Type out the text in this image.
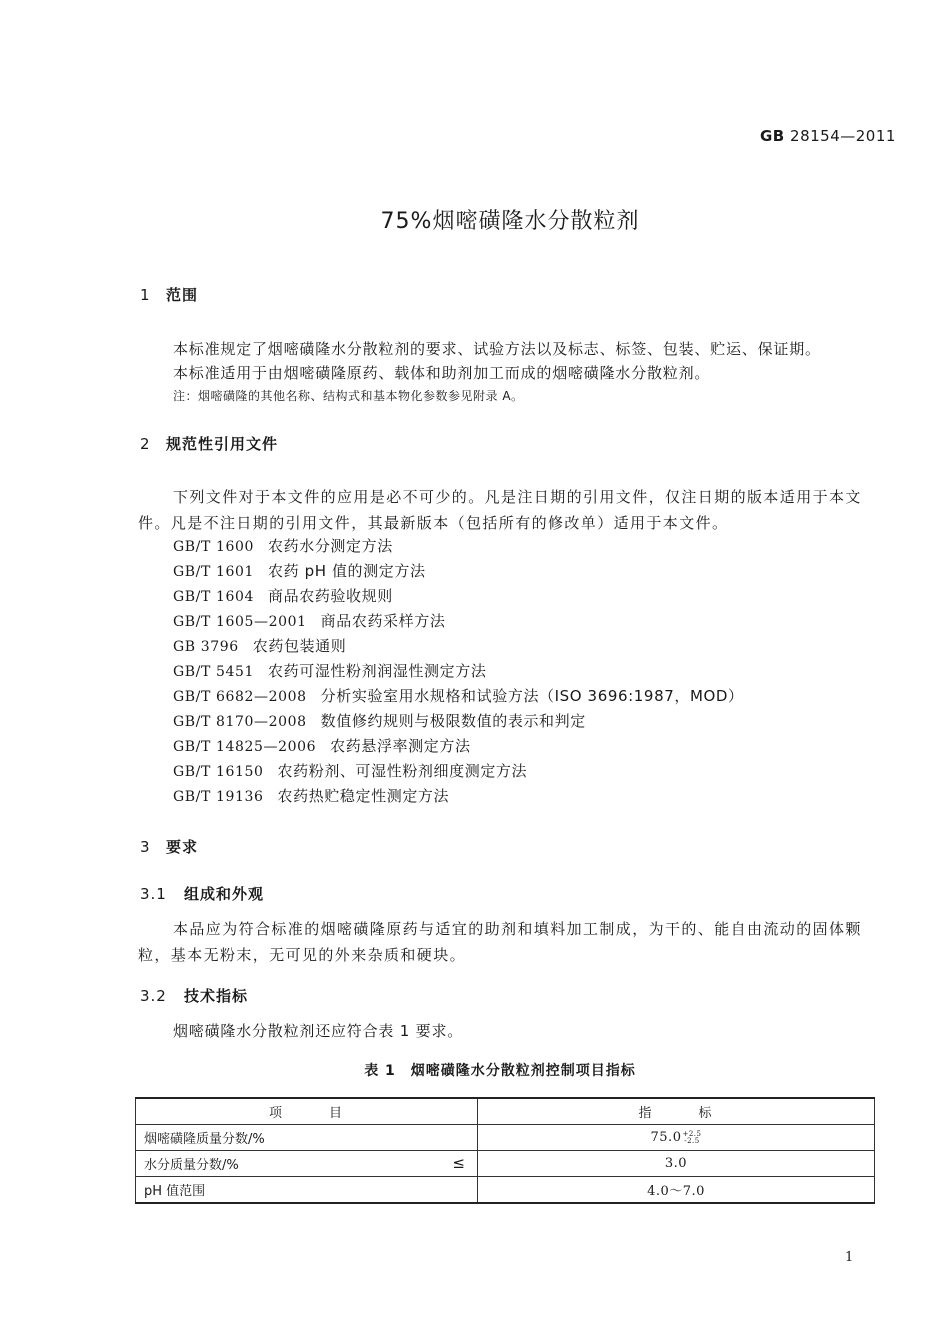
GB 28154—2011
75%烟嘧磺隆水分散粒剂
1 范围
本标准规定了烟嘧磺隆水分散粒剂的要求、试验方法以及标志、标签、包装、贮运、保证期。
本标准适用于由烟嘧磺隆原药、载体和助剂加工而成的烟嘧磺隆水分散粒剂。
注：烟嘧磺隆的其他名称、结构式和基本物化参数参见附录 A。
2 规范性引用文件
下列文件对于本文件的应用是必不可少的。凡是注日期的引用文件，仅注日期的版本适用于本文件。凡是不注日期的引用文件，其最新版本（包括所有的修改单）适用于本文件。
GB/T 1600 农药水分测定方法
GB/T 1601 农药 pH 值的测定方法
GB/T 1604 商品农药验收规则
GB/T 1605—2001 商品农药采样方法
GB 3796 农药包装通则
GB/T 5451 农药可湿性粉剂润湿性测定方法
GB/T 6682—2008 分析实验室用水规格和试验方法（ISO 3696:1987，MOD）
GB/T 8170—2008 数值修约规则与极限数值的表示和判定
GB/T 14825—2006 农药悬浮率测定方法
GB/T 16150 农药粉剂、可湿性粉剂细度测定方法
GB/T 19136 农药热贮稳定性测定方法
3 要求
3.1 组成和外观
本品应为符合标准的烟嘧磺隆原药与适宜的助剂和填料加工制成，为干的、能自由流动的固体颗粒，基本无粉末，无可见的外来杂质和硬块。
3.2 技术指标
烟嘧磺隆水分散粒剂还应符合表 1 要求。
表 1　烟嘧磺隆水分散粒剂控制项目指标
项　　　目	指　　　标
烟嘧磺隆质量分数/%	75.0+2.5
-2.5
水分质量分数/% ≤	3.0
pH 值范围	4.0～7.0
1
